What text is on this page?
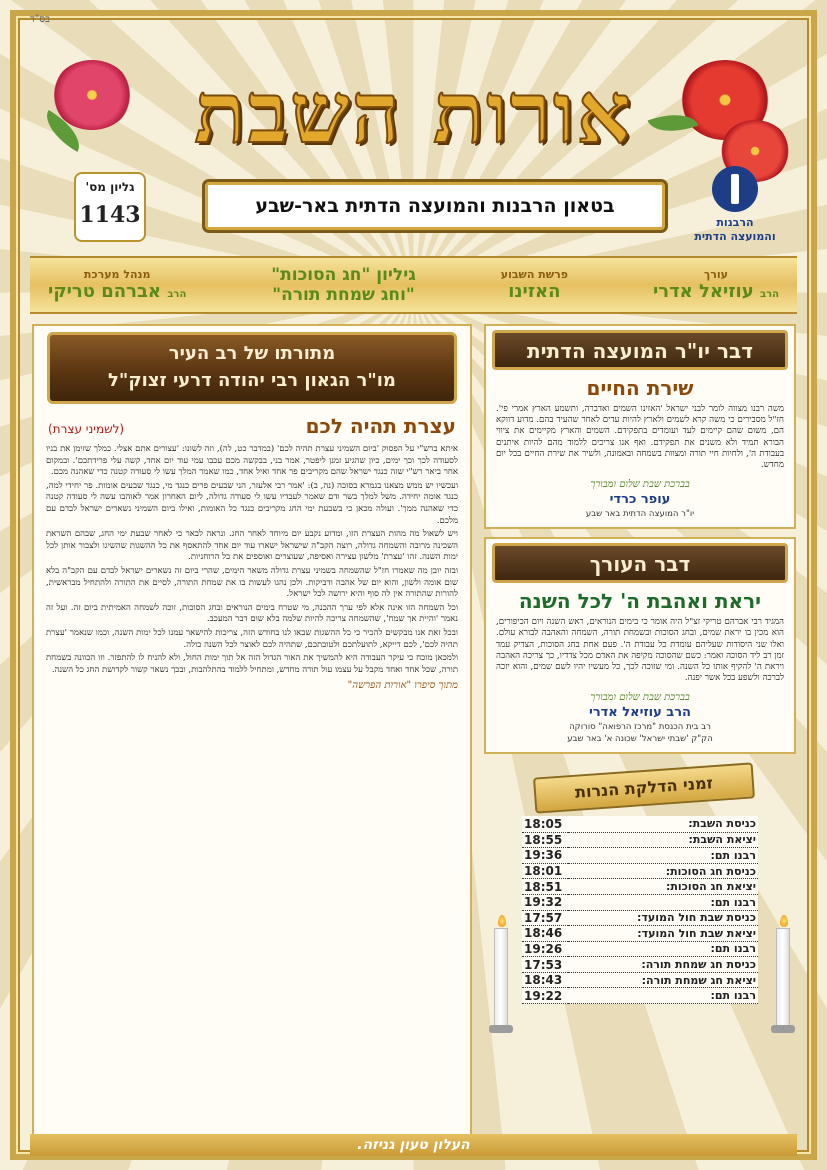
בס"ד
אורות השבת
גליון מס'
1143	בטאון הרבנות והמועצה הדתית באר-שבע
הרבנות
והמועצה הדתית
עורך
הרב עוזיאל אדרי
פרשת השבוע
האזינו
גיליון "חג הסוכות"
"וחג שמחת תורה"
מנהל מערכת
הרב אברהם טריקי
דבר יו"ר המועצה הדתית
שירת החיים
משה רבנו מצווה לומר לבני ישראל 'האזינו השמים ואדברה, ותשמע הארץ אמרי פי'. חז"ל מסבירים כי משה קרא לשמים ולארץ להיות עדים לאחר שהעיד בהם. מדוע דווקא הם, משום שהם קיימים לעד ועומדים בתפקידם. השמים והארץ מקיימים את ציווי הבורא תמיד ולא משנים את תפקידם. ואף אנו צריכים ללמוד מהם להיות איתנים בעבודת ה', ולחיות חיי תורה ומצוות בשמחה ובאמונה, ולשיר את שירת החיים בכל יום מחדש.
בברכת שבת שלום ומבורך
עופר כרדי
יו"ר המועצה הדתית באר שבע
דבר העורך
יראת ואהבת ה' לכל השנה
המגיד רבי אברהם טריקי זצ"ל היה אומר כי בימים הנוראים, ראש השנה ויום הכיפורים, הוא מכין בו יראת שמים, ובחג הסוכות ובשמחת תורה, השמחה והאהבה לבורא עולם. ואלו שני היסודות שעליהם עומדת כל עבודת ה'. פעם אחת בחג הסוכות, הצדיק עמד זמן רב ליד הסוכה ואמר: כשם שהסוכה מקיפה את האדם מכל צדדיו, כך צריכה האהבה ויראת ה' להקיף אותו כל השנה. ומי שזוכה לכך, כל מעשיו יהיו לשם שמים, והוא יזכה לברכה ולשפע בכל אשר יפנה.
בברכת שבת שלום ומבורך
הרב עוזיאל אדרי
רב בית הכנסת "מרכז הרפואה" סורוקה
הק"ק 'שבתי ישראל' שכונה א' באר שבע
זמני הדלקת הנרות
כניסת השבת:	18:05
יציאת השבת:	18:55
רבנו תם:	19:36
כניסת חג הסוכות:	18:01
יציאת חג הסוכות:	18:51
רבנו תם:	19:32
כניסת שבת חול המועד:	17:57
יציאת שבת חול המועד:	18:46
רבנו תם:	19:26
כניסת חג שמחת תורה:	17:53
יציאת חג שמחת תורה:	18:43
רבנו תם:	19:22
מתורתו של רב העיר
מו"ר הגאון רבי יהודה דרעי זצוק"ל
עצרת תהיה לכם
(לשמיני עצרת)

איתא ברש"י על הפסוק 'ביום השמיני עצרת תהיה לכם' (במדבר כט, לה), וזה לשונו: 'עצורים אתם אצלי. כמלך שזימן את בניו לסעודה לכך וכך ימים, כיון שהגיע זמנן ליפטר, אמר בני, בבקשה מכם עכבו עמי עוד יום אחד, קשה עלי פרידתכם'. ובמקום אחר ביאר רש"י שזה כנגד ישראל שהם מקריבים פר אחד ואיל אחד, כמו שאמר המלך עשו לי סעודה קטנה כדי שאהנה מכם.

ועכשיו יש ממש מצאנו בגמרא בסוכה (נה, ב): 'אמר רבי אלעזר, הני שבעים פרים כנגד מי, כנגד שבעים אומות. פר יחידי למה, כנגד אומה יחידה. משל למלך בשר ודם שאמר לעבדיו עשו לי סעודה גדולה, ליום האחרון אמר לאוהבו עשה לי סעודה קטנה כדי שאהנה ממך'. ועולה מכאן כי בשבעת ימי החג מקריבים כנגד כל האומות, ואילו ביום השמיני נשארים ישראל לבדם עם מלכם.

ויש לשאול מה מהות העצרת הזו, ומדוע נקבע יום מיוחד לאחר החג. ונראה לבאר כי לאחר שבעת ימי החג, שבהם השראת השכינה מרובה והשמחה גדולה, רוצה הקב"ה שישראל ישארו עוד יום אחד להתאסף את כל ההשגות שהשיגו ולצבור אותן לכל ימות השנה. זהו 'עצרת' מלשון עצירה ואסיפה, שעוצרים ואוספים את כל הרוחניות.

ובזה יובן מה שאמרו חז"ל שהשמחה בשמיני עצרת גדולה משאר הימים, שהרי ביום זה נשארים ישראל לבדם עם הקב"ה בלא שום אומה ולשון, והוא יום של אהבה ודביקות. ולכן נהגו לעשות בו את שמחת התורה, לסיים את התורה ולהתחיל מבראשית, להורות שהתורה אין לה סוף והיא ירושה לכל ישראל.

וכל השמחה הזו אינה אלא לפי ערך ההכנה, מי שטרח בימים הנוראים ובחג הסוכות, זוכה לשמחה האמיתית ביום זה. ועל זה נאמר 'והיית אך שמח', שהשמחה צריכה להיות שלמה בלא שום דבר המעכב.

ובכל זאת אנו מבקשים להכיר כי כל ההשגות שבאו לנו בחודש הזה, צריכות להישאר עמנו לכל ימות השנה, וכמו שנאמר 'עצרת תהיה לכם', לכם דייקא, לתועלתכם ולטובתכם, שתהיה לכם לאוצר לכל השנה כולה.

ולמכאן מוכח כי עיקר העבודה היא להמשיך את האור הגדול הזה אל תוך ימות החול, ולא להניח לו להתפזר. וזו הכוונה בשמחת תורה, שכל אחד ואחד מקבל על עצמו עול תורה מחדש, ומתחיל ללמוד בהתלהבות, ובכך נשאר קשור לקדושת החג כל השנה.

מתוך סיפרו "אורות הפרשה"
העלון טעון גניזה.
